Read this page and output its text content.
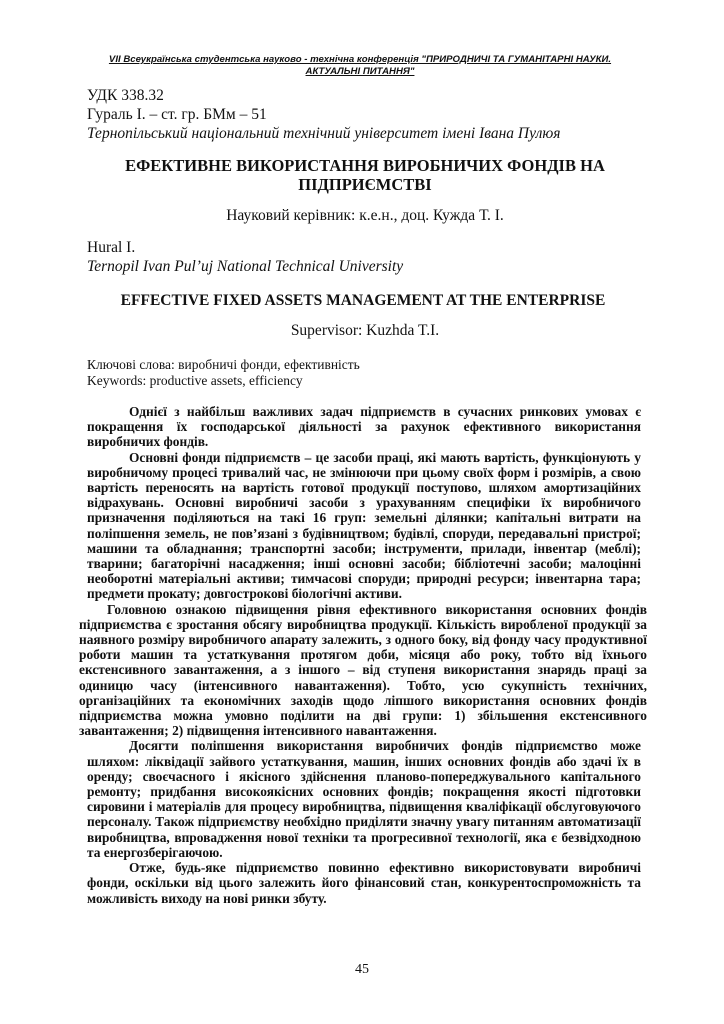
VII Всеукраїнська студентська науково - технічна конференція "ПРИРОДНИЧІ ТА ГУМАНІТАРНІ НАУКИ.
АКТУАЛЬНІ ПИТАННЯ"
УДК 338.32
Гураль І. – ст. гр. БМм – 51
Тернопільський національний технічний університет імені Івана Пулюя
ЕФЕКТИВНЕ ВИКОРИСТАННЯ ВИРОБНИЧИХ ФОНДІВ НА ПІДПРИЄМСТВІ
Науковий керівник: к.е.н., доц. Кужда Т. І.
Hural I.
Ternopil Ivan Pul’uj National Technical University
EFFECTIVE FIXED ASSETS MANAGEMENT AT THE ENTERPRISE
Supervisor: Kuzhda T.I.
Ключові слова: виробничі фонди, ефективність
Keywords: productive assets, efficiency

Однієї з найбільш важливих задач підприємств в сучасних ринкових умовах є покращення їх господарської діяльності за рахунок ефективного використання виробничих фондів.

Основні фонди підприємств – це засоби праці, які мають вартість, функціонують у виробничому процесі тривалий час, не змінюючи при цьому своїх форм і розмірів, а свою вартість переносять на вартість готової продукції поступово, шляхом амортизаційних відрахувань. Основні виробничі засоби з урахуванням специфіки їх виробничого призначення поділяються на такі 16 груп: земельні ділянки; капітальні витрати на поліпшення земель, не пов’язані з будівництвом; будівлі, споруди, передавальні пристрої; машини та обладнання; транспортні засоби; інструменти, прилади, інвентар (меблі); тварини; багаторічні насадження; інші основні засоби; бібліотечні засоби; малоцінні необоротні матеріальні активи; тимчасові споруди; природні ресурси; інвентарна тара; предмети прокату; довгострокові біологічні активи.

Головною ознакою підвищення рівня ефективного використання основних фондів підприємства є зростання обсягу виробництва продукції. Кількість виробленої продукції за наявного розміру виробничого апарату залежить, з одного боку, від фонду часу продуктивної роботи машин та устаткування протягом доби, місяця або року, тобто від їхнього екстенсивного завантаження, а з іншого – від ступеня використання знарядь праці за одиницю часу (інтенсивного навантаження). Тобто, усю сукупність технічних, організаційних та економічних заходів щодо ліпшого використання основних фондів підприємства можна умовно поділити на дві групи: 1) збільшення екстенсивного завантаження; 2) підвищення інтенсивного навантаження.

Досягти поліпшення використання виробничих фондів підприємство може шляхом: ліквідації зайвого устаткування, машин, інших основних фондів або здачі їх в оренду; своєчасного і якісного здійснення планово-попереджувального капітального ремонту; придбання високоякісних основних фондів; покращення якості підготовки сировини і матеріалів для процесу виробництва, підвищення кваліфікації обслуговуючого персоналу. Також підприємству необхідно приділяти значну увагу питанням автоматизації виробництва, впровадження нової техніки та прогресивної технології, яка є безвідходною та енергозберігаючою.

Отже, будь-яке підприємство повинно ефективно використовувати виробничі фонди, оскільки від цього залежить його фінансовий стан, конкурентоспроможність та можливість виходу на нові ринки збуту.

45
